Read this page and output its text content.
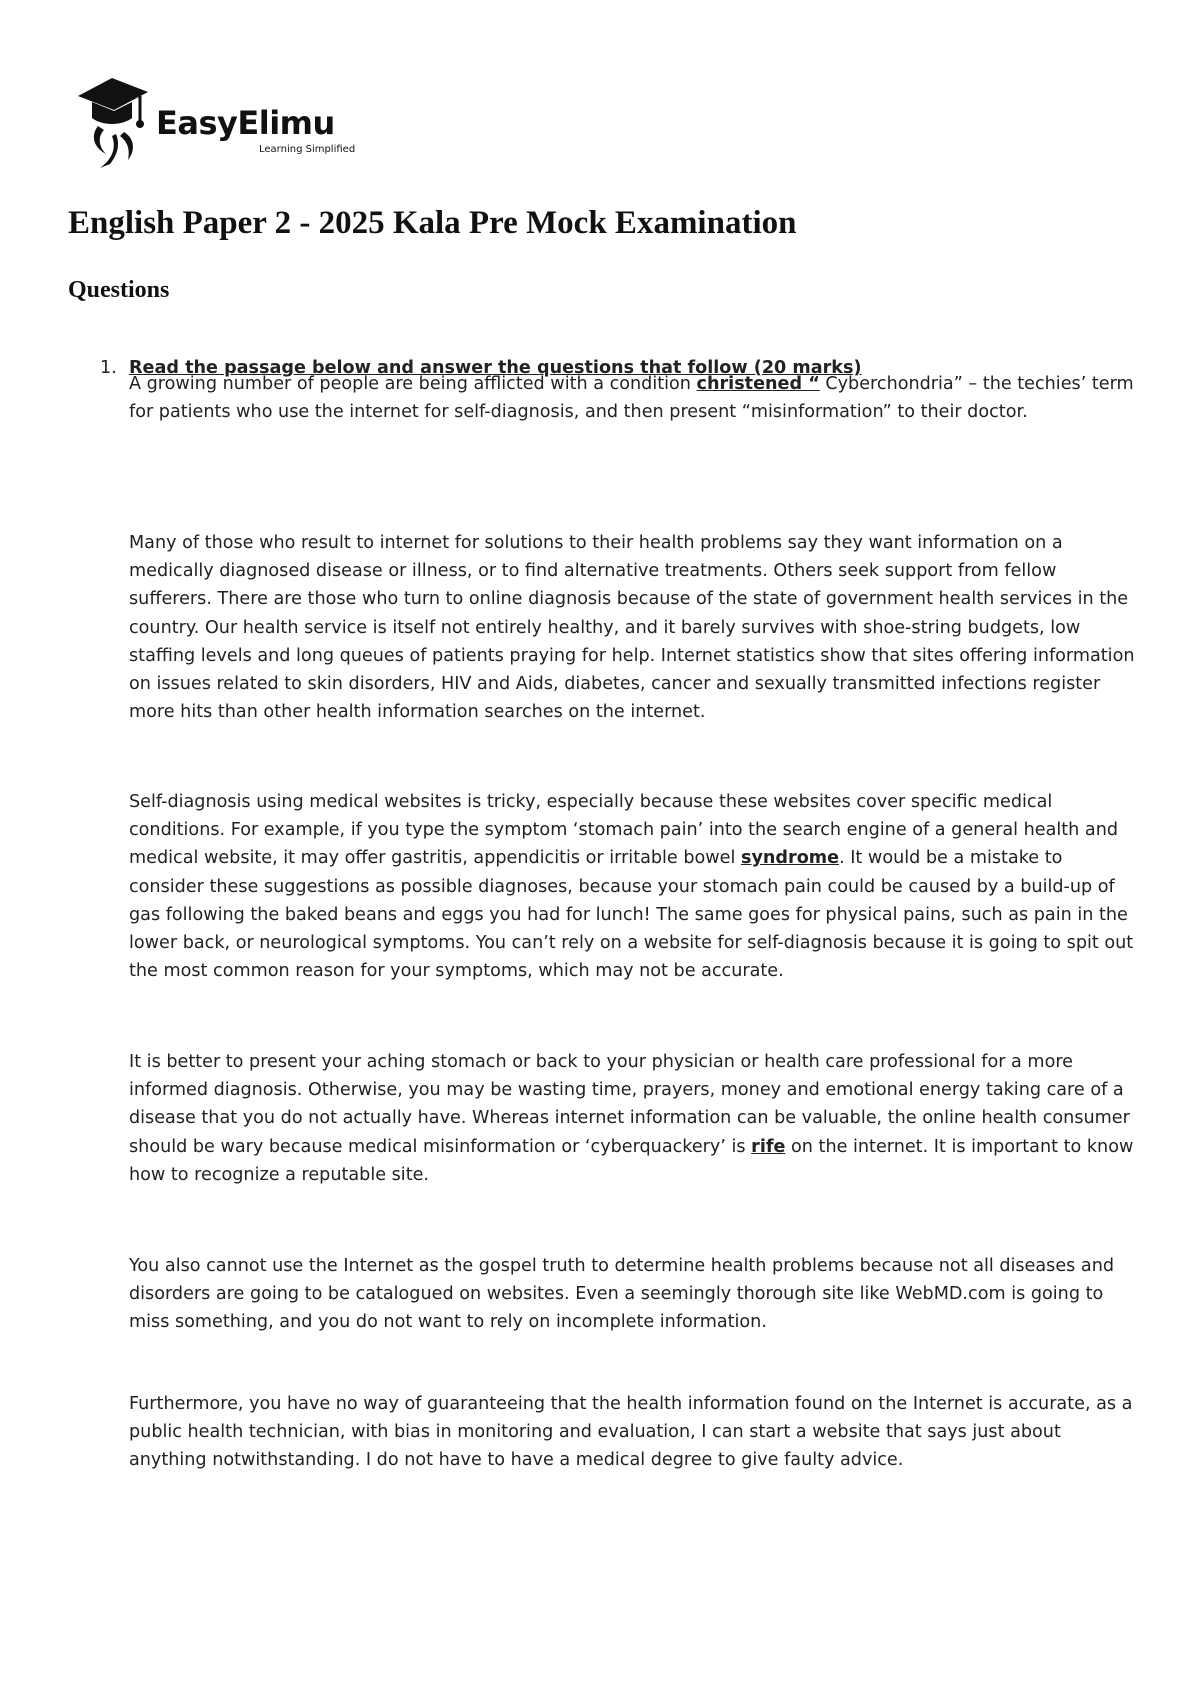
EasyElimu
Learning Simplified
English Paper 2 - 2025 Kala Pre Mock Examination
Questions
1. Read the passage below and answer the questions that follow (20 marks)

A growing number of people are being afflicted with a condition christened “ Cyberchondria” – the techies’ term for patients who use the internet for self-diagnosis, and then present “misinformation” to their doctor.

Many of those who result to internet for solutions to their health problems say they want information on a medically diagnosed disease or illness, or to find alternative treatments. Others seek support from fellow sufferers. There are those who turn to online diagnosis because of the state of government health services in the country. Our health service is itself not entirely healthy, and it barely survives with shoe-string budgets, low staffing levels and long queues of patients praying for help. Internet statistics show that sites offering information on issues related to skin disorders, HIV and Aids, diabetes, cancer and sexually transmitted infections register more hits than other health information searches on the internet.

Self-diagnosis using medical websites is tricky, especially because these websites cover specific medical conditions. For example, if you type the symptom ‘stomach pain’ into the search engine of a general health and medical website, it may offer gastritis, appendicitis or irritable bowel syndrome. It would be a mistake to consider these suggestions as possible diagnoses, because your stomach pain could be caused by a build-up of gas following the baked beans and eggs you had for lunch! The same goes for physical pains, such as pain in the lower back, or neurological symptoms. You can’t rely on a website for self-diagnosis because it is going to spit out the most common reason for your symptoms, which may not be accurate.

It is better to present your aching stomach or back to your physician or health care professional for a more informed diagnosis. Otherwise, you may be wasting time, prayers, money and emotional energy taking care of a disease that you do not actually have. Whereas internet information can be valuable, the online health consumer should be wary because medical misinformation or ‘cyberquackery’ is rife on the internet. It is important to know how to recognize a reputable site.

You also cannot use the Internet as the gospel truth to determine health problems because not all diseases and disorders are going to be catalogued on websites. Even a seemingly thorough site like WebMD.com is going to miss something, and you do not want to rely on incomplete information.

Furthermore, you have no way of guaranteeing that the health information found on the Internet is accurate, as a public health technician, with bias in monitoring and evaluation, I can start a website that says just about anything notwithstanding. I do not have to have a medical degree to give faulty advice.
